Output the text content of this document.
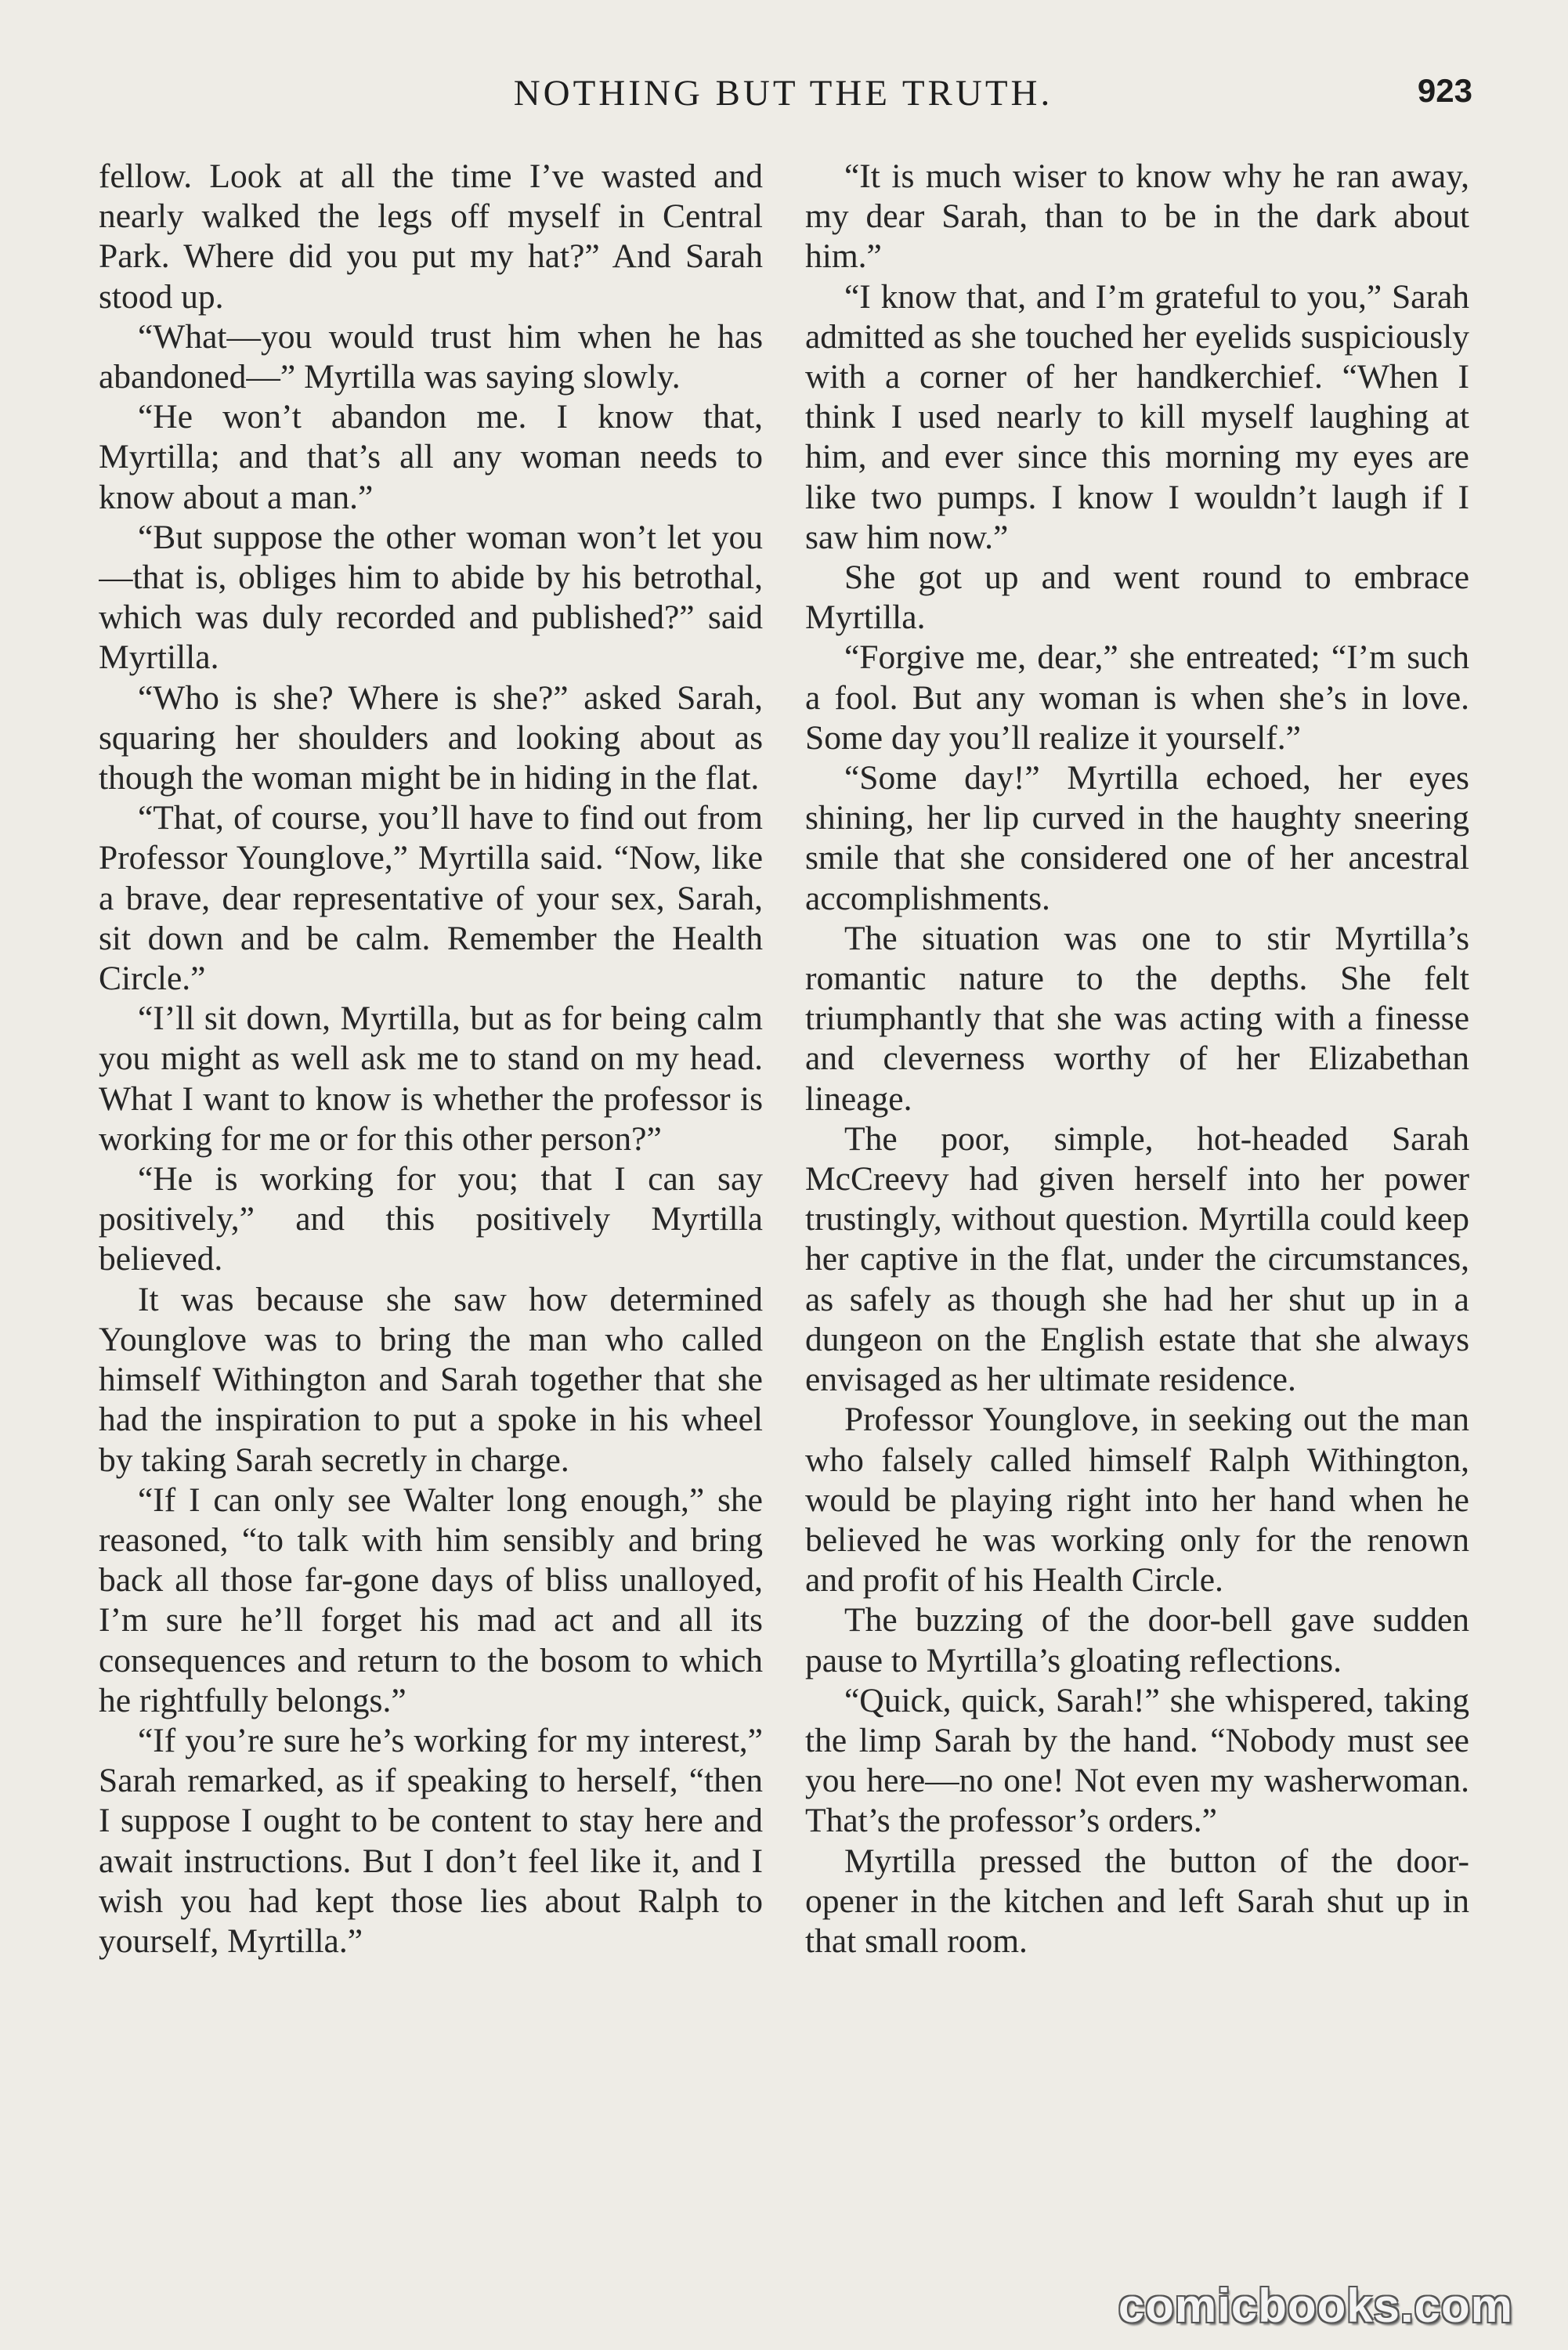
NOTHING BUT THE TRUTH.	923

fellow. Look at all the time I’ve wasted and nearly walked the legs off myself in Central Park. Where did you put my hat?” And Sarah stood up.

“What—you would trust him when he has abandoned—” Myrtilla was saying slowly.

“He won’t abandon me. I know that, Myrtilla; and that’s all any woman needs to know about a man.”

“But suppose the other woman won’t let you—that is, obliges him to abide by his betrothal, which was duly recorded and published?” said Myrtilla.

“Who is she? Where is she?” asked Sarah, squaring her shoulders and looking about as though the woman might be in hiding in the flat.

“That, of course, you’ll have to find out from Professor Younglove,” Myrtilla said. “Now, like a brave, dear representative of your sex, Sarah, sit down and be calm. Remember the Health Circle.”

“I’ll sit down, Myrtilla, but as for being calm you might as well ask me to stand on my head. What I want to know is whether the professor is working for me or for this other person?”

“He is working for you; that I can say positively,” and this positively Myrtilla believed.

It was because she saw how determined Younglove was to bring the man who called himself Withington and Sarah together that she had the inspiration to put a spoke in his wheel by taking Sarah secretly in charge.

“If I can only see Walter long enough,” she reasoned, “to talk with him sensibly and bring back all those far-gone days of bliss unalloyed, I’m sure he’ll forget his mad act and all its consequences and return to the bosom to which he rightfully belongs.”

“If you’re sure he’s working for my interest,” Sarah remarked, as if speaking to herself, “then I suppose I ought to be content to stay here and await instructions. But I don’t feel like it, and I wish you had kept those lies about Ralph to yourself, Myrtilla.”

“It is much wiser to know why he ran away, my dear Sarah, than to be in the dark about him.”

“I know that, and I’m grateful to you,” Sarah admitted as she touched her eyelids suspiciously with a corner of her handkerchief. “When I think I used nearly to kill myself laughing at him, and ever since this morning my eyes are like two pumps. I know I wouldn’t laugh if I saw him now.”

She got up and went round to embrace Myrtilla.

“Forgive me, dear,” she entreated; “I’m such a fool. But any woman is when she’s in love. Some day you’ll realize it yourself.”

“Some day!” Myrtilla echoed, her eyes shining, her lip curved in the haughty sneering smile that she considered one of her ancestral accomplishments.

The situation was one to stir Myrtilla’s romantic nature to the depths. She felt triumphantly that she was acting with a finesse and cleverness worthy of her Elizabethan lineage.

The poor, simple, hot-headed Sarah McCreevy had given herself into her power trustingly, without question. Myrtilla could keep her captive in the flat, under the circumstances, as safely as though she had her shut up in a dungeon on the English estate that she always envisaged as her ultimate residence.

Professor Younglove, in seeking out the man who falsely called himself Ralph Withington, would be playing right into her hand when he believed he was working only for the renown and profit of his Health Circle.

The buzzing of the door-bell gave sudden pause to Myrtilla’s gloating reflections.

“Quick, quick, Sarah!” she whispered, taking the limp Sarah by the hand. “Nobody must see you here—no one! Not even my washerwoman. That’s the professor’s orders.”

Myrtilla pressed the button of the door-opener in the kitchen and left Sarah shut up in that small room.

comicbooks.com
